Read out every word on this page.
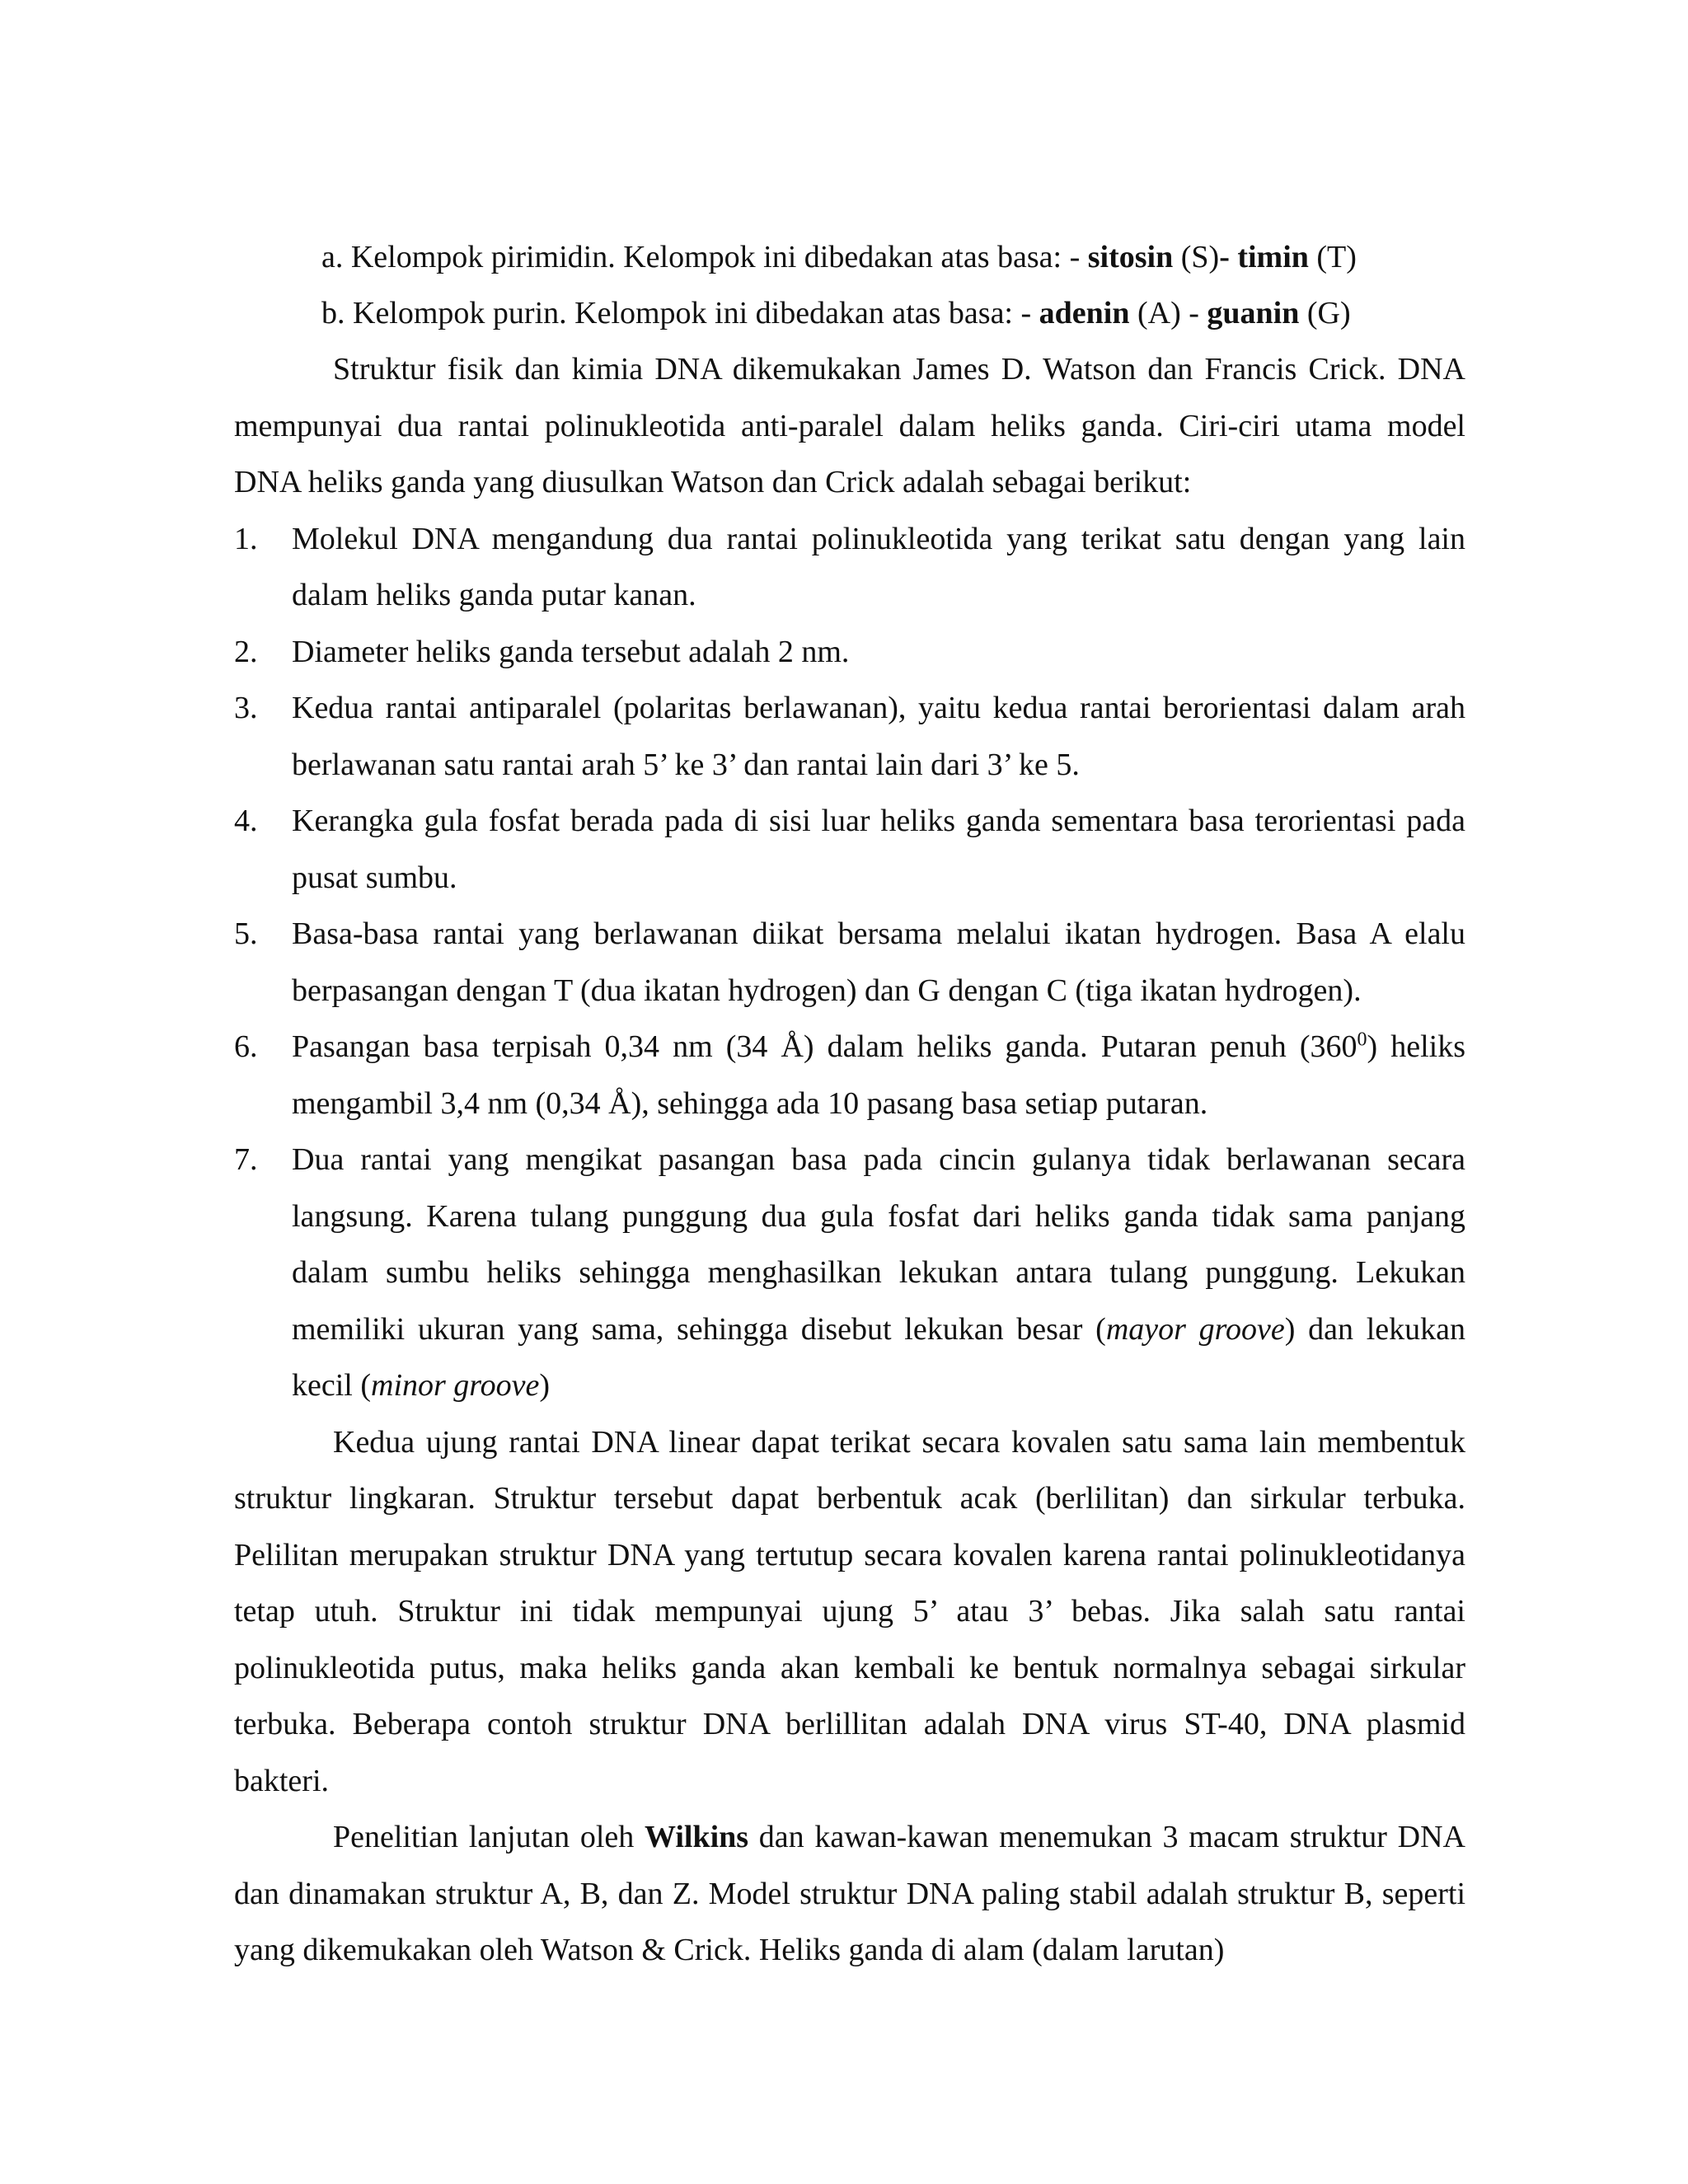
a. Kelompok pirimidin. Kelompok ini dibedakan atas basa: - sitosin (S)- timin (T)
b. Kelompok purin. Kelompok ini dibedakan atas basa: - adenin (A) - guanin (G)

Struktur fisik dan kimia DNA dikemukakan James D. Watson dan Francis Crick. DNA mempunyai dua rantai polinukleotida anti-paralel dalam heliks ganda. Ciri-ciri utama model DNA heliks ganda yang diusulkan Watson dan Crick adalah sebagai berikut:

1. Molekul DNA mengandung dua rantai polinukleotida yang terikat satu dengan yang lain dalam heliks ganda putar kanan.
2. Diameter heliks ganda tersebut adalah 2 nm.
3. Kedua rantai antiparalel (polaritas berlawanan), yaitu kedua rantai berorientasi dalam arah berlawanan satu rantai arah 5’ ke 3’ dan rantai lain dari 3’ ke 5.
4. Kerangka gula fosfat berada pada di sisi luar heliks ganda sementara basa terorientasi pada pusat sumbu.
5. Basa-basa rantai yang berlawanan diikat bersama melalui ikatan hydrogen. Basa A elalu berpasangan dengan T (dua ikatan hydrogen) dan G dengan C (tiga ikatan hydrogen).
6. Pasangan basa terpisah 0,34 nm (34 Å) dalam heliks ganda. Putaran penuh $(360^0)$ heliks mengambil 3,4 nm (0,34 Å), sehingga ada 10 pasang basa setiap putaran.
7. Dua rantai yang mengikat pasangan basa pada cincin gulanya tidak berlawanan secara langsung. Karena tulang punggung dua gula fosfat dari heliks ganda tidak sama panjang dalam sumbu heliks sehingga menghasilkan lekukan antara tulang punggung. Lekukan memiliki ukuran yang sama, sehingga disebut lekukan besar (mayor groove) dan lekukan kecil (minor groove)

Kedua ujung rantai DNA linear dapat terikat secara kovalen satu sama lain membentuk struktur lingkaran. Struktur tersebut dapat berbentuk acak (berlilitan) dan sirkular terbuka. Pelilitan merupakan struktur DNA yang tertutup secara kovalen karena rantai polinukleotidanya tetap utuh. Struktur ini tidak mempunyai ujung 5’ atau 3’ bebas. Jika salah satu rantai polinukleotida putus, maka heliks ganda akan kembali ke bentuk normalnya sebagai sirkular terbuka. Beberapa contoh struktur DNA berlillitan adalah DNA virus ST-40, DNA plasmid bakteri.

Penelitian lanjutan oleh Wilkins dan kawan-kawan menemukan 3 macam struktur DNA dan dinamakan struktur A, B, dan Z. Model struktur DNA paling stabil adalah struktur B, seperti yang dikemukakan oleh Watson & Crick. Heliks ganda di alam (dalam larutan)
